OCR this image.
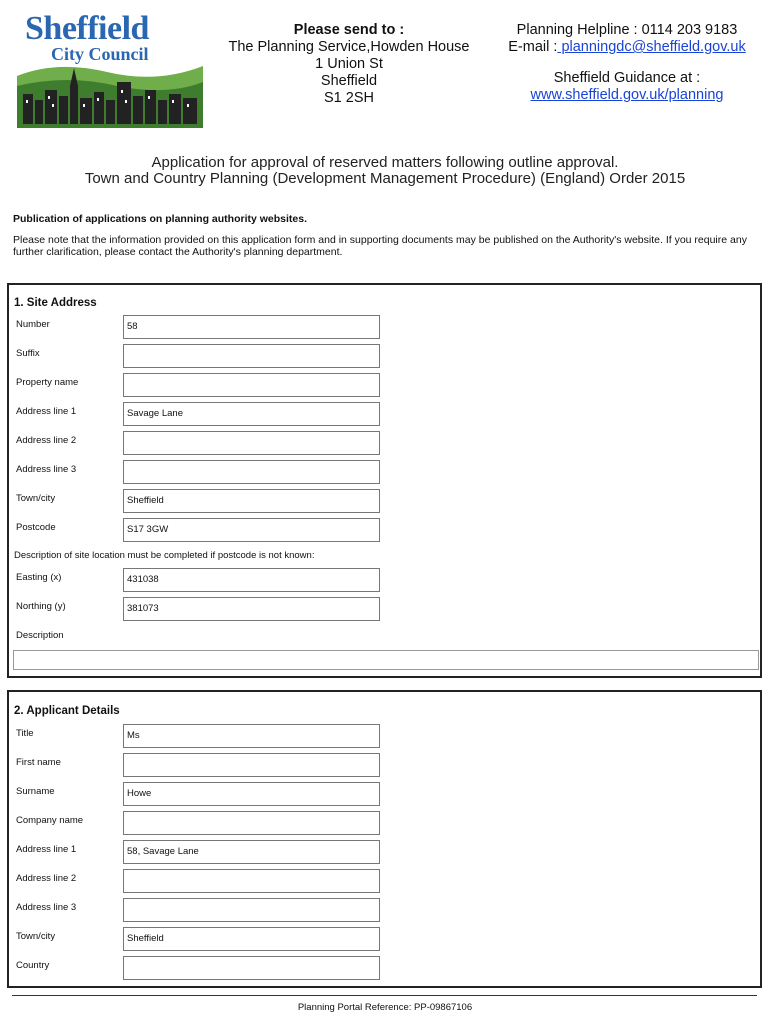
Sheffield
City Council
Please send to :
The Planning Service,Howden House
1 Union St
Sheffield
S1 2SH
Planning Helpline : 0114 203 9183
E-mail : planningdc@sheffield.gov.uk
Sheffield Guidance at :
www.sheffield.gov.uk/planning
Application for approval of reserved matters following outline approval.
Town and Country Planning (Development Management Procedure) (England) Order 2015
Publication of applications on planning authority websites.
Please note that the information provided on this application form and in supporting documents may be published on the Authority's website. If you require any further clarification, please contact the Authority's planning department.
1. Site Address
Number	58
Suffix
Property name
Address line 1	Savage Lane
Address line 2
Address line 3
Town/city	Sheffield
Postcode	S17 3GW
Description of site location must be completed if postcode is not known:
Easting (x)	431038
Northing (y)	381073
Description
2. Applicant Details
Title	Ms
First name
Surname	Howe
Company name
Address line 1	58, Savage Lane
Address line 2
Address line 3
Town/city	Sheffield
Country
Planning Portal Reference: PP-09867106
